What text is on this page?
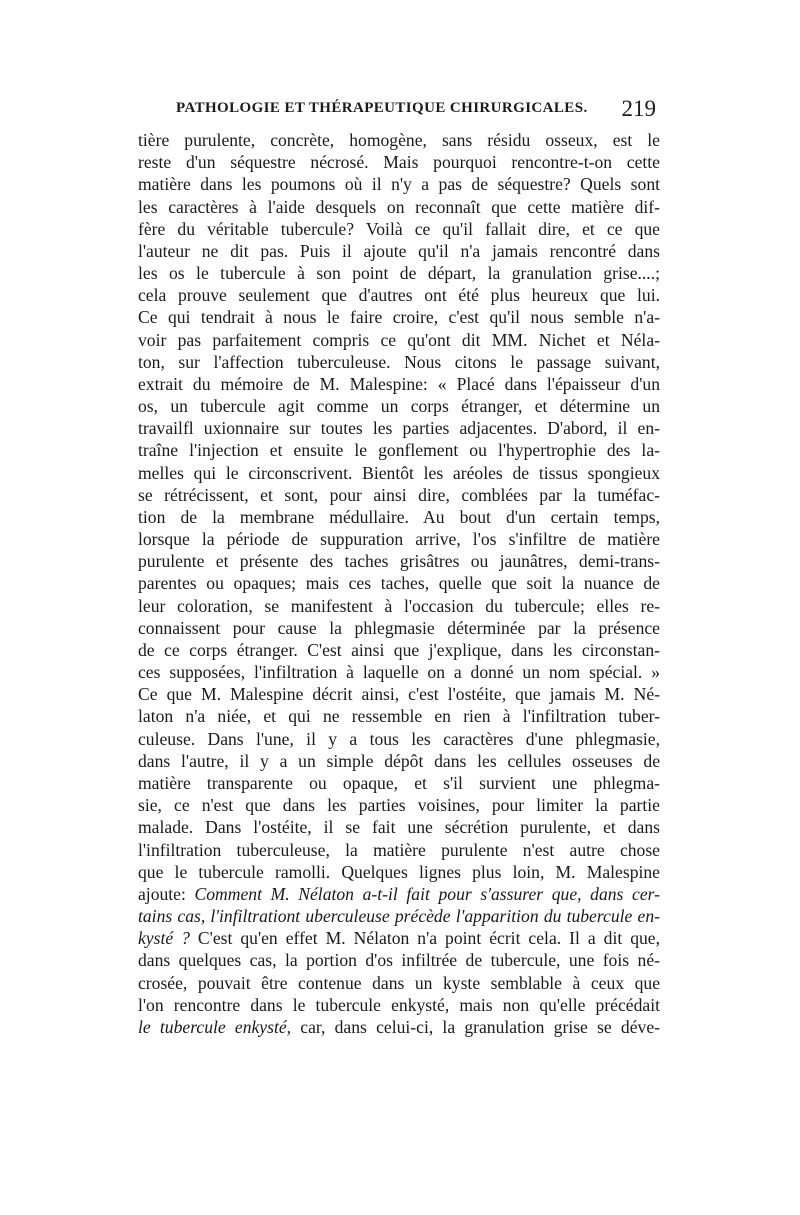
PATHOLOGIE ET THÉRAPEUTIQUE CHIRURGICALES. 219
tière purulente, concrète, homogène, sans résidu osseux, est le
reste d'un séquestre nécrosé. Mais pourquoi rencontre-t-on cette
matière dans les poumons où il n'y a pas de séquestre? Quels sont
les caractères à l'aide desquels on reconnaît que cette matière dif-
fère du véritable tubercule? Voilà ce qu'il fallait dire, et ce que
l'auteur ne dit pas. Puis il ajoute qu'il n'a jamais rencontré dans
les os le tubercule à son point de départ, la granulation grise....;
cela prouve seulement que d'autres ont été plus heureux que lui.
Ce qui tendrait à nous le faire croire, c'est qu'il nous semble n'a-
voir pas parfaitement compris ce qu'ont dit MM. Nichet et Néla-
ton, sur l'affection tuberculeuse. Nous citons le passage suivant,
extrait du mémoire de M. Malespine: « Placé dans l'épaisseur d'un
os, un tubercule agit comme un corps étranger, et détermine un
travailfl uxionnaire sur toutes les parties adjacentes. D'abord, il en-
traîne l'injection et ensuite le gonflement ou l'hypertrophie des la-
melles qui le circonscrivent. Bientôt les aréoles de tissus spongieux
se rétrécissent, et sont, pour ainsi dire, comblées par la tuméfac-
tion de la membrane médullaire. Au bout d'un certain temps,
lorsque la période de suppuration arrive, l'os s'infiltre de matière
purulente et présente des taches grisâtres ou jaunâtres, demi-trans-
parentes ou opaques; mais ces taches, quelle que soit la nuance de
leur coloration, se manifestent à l'occasion du tubercule; elles re-
connaissent pour cause la phlegmasie déterminée par la présence
de ce corps étranger. C'est ainsi que j'explique, dans les circonstan-
ces supposées, l'infiltration à laquelle on a donné un nom spécial. »
Ce que M. Malespine décrit ainsi, c'est l'ostéite, que jamais M. Né-
laton n'a niée, et qui ne ressemble en rien à l'infiltration tuber-
culeuse. Dans l'une, il y a tous les caractères d'une phlegmasie,
dans l'autre, il y a un simple dépôt dans les cellules osseuses de
matière transparente ou opaque, et s'il survient une phlegma-
sie, ce n'est que dans les parties voisines, pour limiter la partie
malade. Dans l'ostéite, il se fait une sécrétion purulente, et dans
l'infiltration tuberculeuse, la matière purulente n'est autre chose
que le tubercule ramolli. Quelques lignes plus loin, M. Malespine
ajoute: Comment M. Nélaton a-t-il fait pour s'assurer que, dans cer-
tains cas, l'infiltrationt uberculeuse précède l'apparition du tubercule en-
kysté ? C'est qu'en effet M. Nélaton n'a point écrit cela. Il a dit que,
dans quelques cas, la portion d'os infiltrée de tubercule, une fois né-
crosée, pouvait être contenue dans un kyste semblable à ceux que
l'on rencontre dans le tubercule enkysté, mais non qu'elle précédait
le tubercule enkysté, car, dans celui-ci, la granulation grise se déve-
